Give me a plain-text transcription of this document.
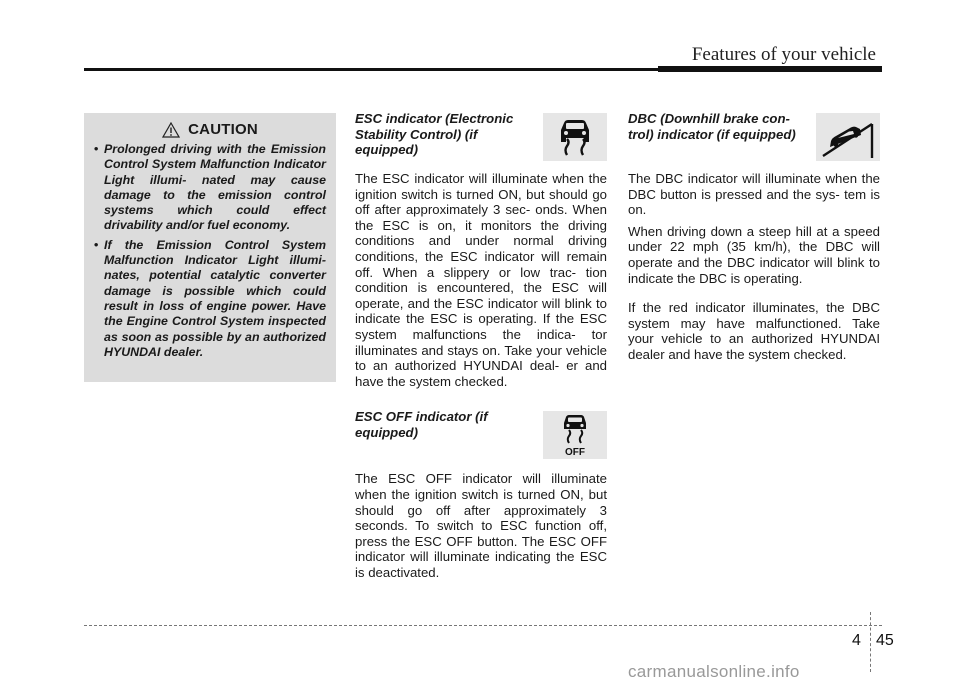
Features of your vehicle
CAUTION
• Prolonged driving with the Emission Control System Malfunction Indicator Light illumi- nated may cause damage to the emission control systems which could effect drivability and/or fuel economy.
• If the Emission Control System Malfunction Indicator Light illumi- nates, potential catalytic converter damage is possible which could result in loss of engine power. Have the Engine Control System inspected as soon as possible by an authorized HYUNDAI dealer.
ESC indicator (Electronic Stability Control) (if equipped)

The ESC indicator will illuminate when the ignition switch is turned ON, but should go off after approximately 3 sec- onds. When the ESC is on, it monitors the driving conditions and under normal driving conditions, the ESC indicator will remain off. When a slippery or low trac- tion condition is encountered, the ESC will operate, and the ESC indicator will blink to indicate the ESC is operating. If the ESC system malfunctions the indica- tor illuminates and stays on. Take your vehicle to an authorized HYUNDAI deal- er and have the system checked.

ESC OFF indicator (if equipped)
OFF

The ESC OFF indicator will illuminate when the ignition switch is turned ON, but should go off after approximately 3 seconds. To switch to ESC function off, press the ESC OFF button. The ESC OFF indicator will illuminate indicating the ESC is deactivated.

DBC (Downhill brake con- trol) indicator (if equipped)

The DBC indicator will illuminate when the DBC button is pressed and the sys- tem is on.

When driving down a steep hill at a speed under 22 mph (35 km/h), the DBC will operate and the DBC indicator will blink to indicate the DBC is operating.

If the red indicator illuminates, the DBC system may have malfunctioned. Take your vehicle to an authorized HYUNDAI dealer and have the system checked.

4 45
carmanualsonline.info
